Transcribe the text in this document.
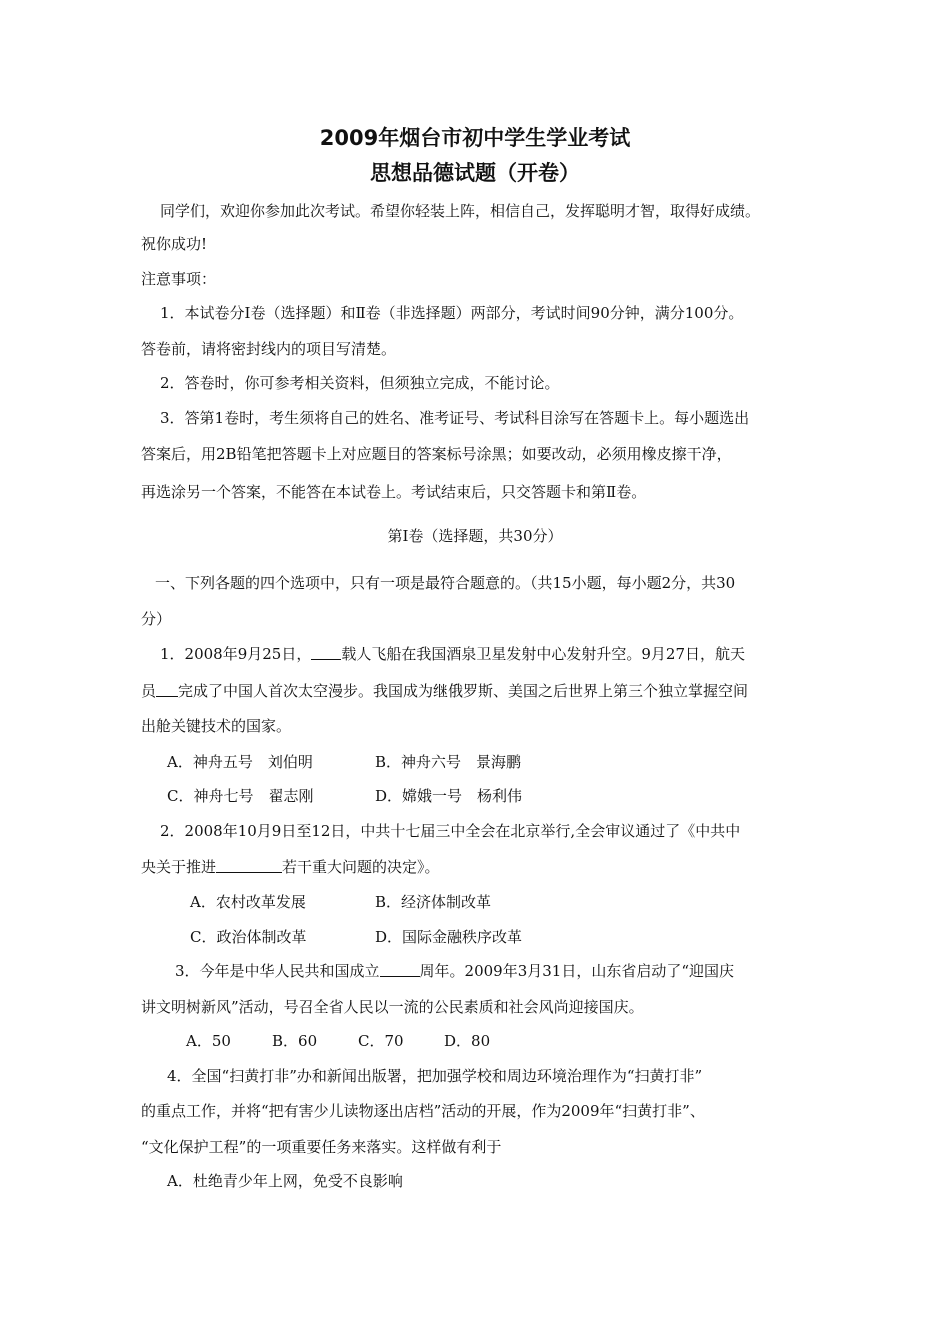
2009年烟台市初中学生学业考试
思想品德试题（开卷）

同学们，欢迎你参加此次考试。希望你轻装上阵，相信自己，发挥聪明才智，取得好成绩。

祝你成功!

注意事项：

1．本试卷分Ⅰ卷（选择题）和Ⅱ卷（非选择题）两部分，考试时间90分钟，满分100分。

答卷前，请将密封线内的项目写清楚。

2．答卷时，你可参考相关资料，但须独立完成，不能讨论。

3．答第1卷时，考生须将自己的姓名、准考证号、考试科目涂写在答题卡上。每小题选出

答案后，用2B铅笔把答题卡上对应题目的答案标号涂黑；如要改动，必须用橡皮擦干净，

再选涂另一个答案，不能答在本试卷上。考试结束后，只交答题卡和第Ⅱ卷。

第Ⅰ卷（选择题，共30分）

一、下列各题的四个选项中，只有一项是最符合题意的。（共15小题，每小题2分，共30

分）

1．2008年9月25日， 载人飞船在我国酒泉卫星发射中心发射升空。9月27日，航天

员 完成了中国人首次太空漫步。我国成为继俄罗斯、美国之后世界上第三个独立掌握空间

出舱关键技术的国家。

A．神舟五号　刘伯明	B．神舟六号　景海鹏

C．神舟七号　翟志刚	D．嫦娥一号　杨利伟

2．2008年10月9日至12日，中共十七届三中全会在北京举行,全会审议通过了《中共中

央关于推进	若干重大问题的决定》。

A．农村改革发展	B．经济体制改革

C．政治体制改革	D．国际金融秩序改革

3．今年是中华人民共和国成立	周年。2009年3月31日，山东省启动了“迎国庆

讲文明树新风”活动，号召全省人民以一流的公民素质和社会风尚迎接国庆。

A．50	B．60	C．70	D．80

4．全国“扫黄打非”办和新闻出版署，把加强学校和周边环境治理作为“扫黄打非”

的重点工作，并将“把有害少儿读物逐出店档”活动的开展，作为2009年“扫黄打非”、

“文化保护工程”的一项重要任务来落实。这样做有利于

A．杜绝青少年上网，免受不良影响
